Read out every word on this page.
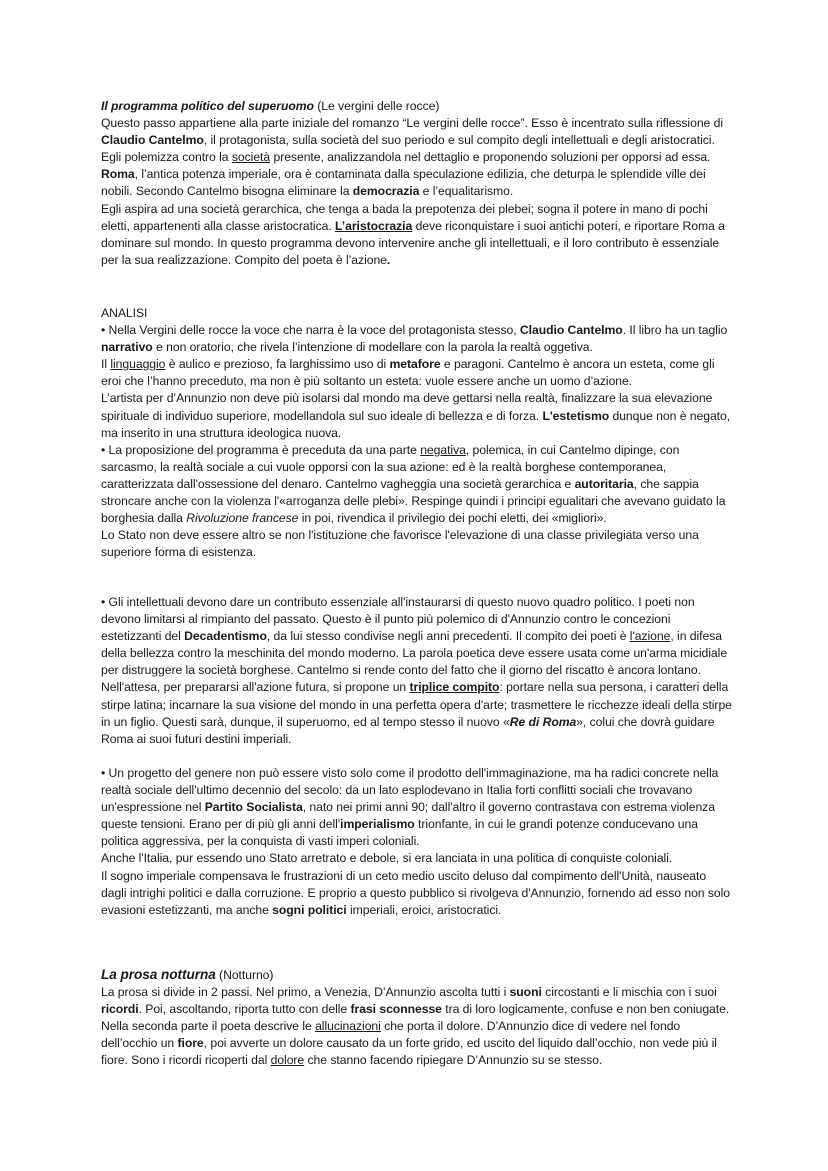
Il programma politico del superuomo (Le vergini delle rocce)

Questo passo appartiene alla parte iniziale del romanzo “Le vergini delle rocce”. Esso è incentrato sulla riflessione di Claudio Cantelmo, il protagonista, sulla società del suo periodo e sul compito degli intellettuali e degli aristocratici. Egli polemizza contro la società presente, analizzandola nel dettaglio e proponendo soluzioni per opporsi ad essa. Roma, l’antica potenza imperiale, ora è contaminata dalla speculazione edilizia, che deturpa le splendide ville dei nobili. Secondo Cantelmo bisogna eliminare la democrazia e l’equalitarismo.

Egli aspira ad una società gerarchica, che tenga a bada la prepotenza dei plebei; sogna il potere in mano di pochi eletti, appartenenti alla classe aristocratica. L’aristocrazia deve riconquistare i suoi antichi poteri, e riportare Roma a dominare sul mondo. In questo programma devono intervenire anche gli intellettuali, e il loro contributo è essenziale per la sua realizzazione. Compito del poeta è l’azione.

ANALISI

• Nella Vergini delle rocce la voce che narra è la voce del protagonista stesso, Claudio Cantelmo. Il libro ha un taglio narrativo e non oratorio, che rivela l’intenzione di modellare con la parola la realtà oggetiva.

Il linguaggio è aulico e prezioso, fa larghissimo uso di metafore e paragoni. Cantelmo è ancora un esteta, come gli eroi che l’hanno preceduto, ma non è più soltanto un esteta: vuole essere anche un uomo d’azione.

L’artista per d’Annunzio non deve più isolarsi dal mondo ma deve gettarsi nella realtà, finalizzare la sua elevazione spirituale di individuo superiore, modellandola sul suo ideale di bellezza e di forza. L'estetismo dunque non è negato, ma inserito in una struttura ideologica nuova.

• La proposizione del programma è preceduta da una parte negativa, polemica, in cui Cantelmo dipinge, con sarcasmo, la realtà sociale a cui vuole opporsi con la sua azione: ed è la realtà borghese contemporanea, caratterizzata dall'ossessione del denaro. Cantelmo vagheggia una società gerarchica e autoritaria, che sappia stroncare anche con la violenza l'«arroganza delle plebi». Respinge quindi i principi egualitari che avevano guidato la borghesia dalla Rivoluzione francese in poi, rivendica il privilegio dei pochi eletti, dei «migliori».

Lo Stato non deve essere altro se non l'istituzione che favorisce l'elevazione di una classe privilegiata verso una superiore forma di esistenza.

• Gli intellettuali devono dare un contributo essenziale all'instaurarsi di questo nuovo quadro politico. I poeti non devono limitarsi al rimpianto del passato. Questo è il punto più polemico di d'Annunzio contro le concezioni estetizzanti del Decadentismo, da lui stesso condivise negli anni precedenti. Il compito dei poeti è l'azione, in difesa della bellezza contro la meschinita del mondo moderno. La parola poetica deve essere usata come un'arma micidiale per distruggere la società borghese. Cantelmo si rende conto del fatto che il giorno del riscatto è ancora lontano. Nell'attesa, per prepararsi all'azione futura, si propone un triplice compito: portare nella sua persona, i caratteri della stirpe latina; incarnare la sua visione del mondo in una perfetta opera d'arte; trasmettere le ricchezze ideali della stirpe in un figlio. Questi sarà, dunque, il superuomo, ed al tempo stesso il nuovo «Re di Roma», colui che dovrà guidare Roma ai suoi futuri destini imperiali.

• Un progetto del genere non può essere visto solo come il prodotto dell'immaginazione, ma ha radici concrete nella realtà sociale dell'ultimo decennio del secolo: da un lato esplodevano in Italia forti conflitti sociali che trovavano un'espressione nel Partito Socialista, nato nei primi anni 90; dall'altro il governo contrastava con estrema violenza queste tensioni. Erano per di più gli anni dell'imperialismo trionfante, in cui le grandi potenze conducevano una politica aggressiva, per la conquista di vasti imperi coloniali.

Anche l'Italia, pur essendo uno Stato arretrato e debole, si era lanciata in una politica di conquiste coloniali.

Il sogno imperiale compensava le frustrazioni di un ceto medio uscito deluso dal compimento dell'Unità, nauseato dagli intrighi politici e dalla corruzione. E proprio a questo pubblico si rivolgeva d'Annunzio, fornendo ad esso non solo evasioni estetizzanti, ma anche sogni politici imperiali, eroici, aristocratici.

La prosa notturna (Notturno)

La prosa si divide in 2 passi. Nel primo, a Venezia, D’Annunzio ascolta tutti i suoni circostanti e li mischia con i suoi ricordi. Poi, ascoltando, riporta tutto con delle frasi sconnesse tra di loro logicamente, confuse e non ben coniugate. Nella seconda parte il poeta descrive le allucinazioni che porta il dolore. D’Annunzio dice di vedere nel fondo dell’occhio un fiore, poi avverte un dolore causato da un forte grido, ed uscito del liquido dall’occhio, non vede più il fiore. Sono i ricordi ricoperti dal dolore che stanno facendo ripiegare D’Annunzio su se stesso.
